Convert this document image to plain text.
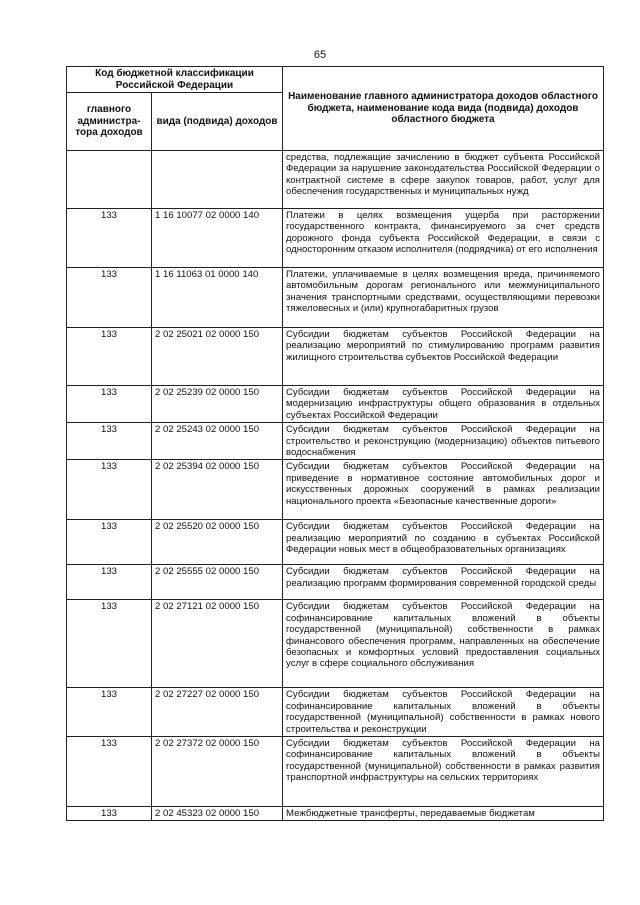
65
Код бюджетной классификации Российской Федерации		Наименование главного администратора доходов областного бюджета, наименование кода вида (подвида) доходов областного бюджета
главного администра-тора доходов	вида (подвида) доходов	
		средства, подлежащие зачислению в бюджет субъекта Российской Федерации за нарушение законодательства Российской Федерации о контрактной системе в сфере закупок товаров, работ, услуг для обеспечения государственных и муниципальных нужд
133	1 16 10077 02 0000 140	Платежи в целях возмещения ущерба при расторжении государственного контракта, финансируемого за счет средств дорожного фонда субъекта Российской Федерации, в связи с односторонним отказом исполнителя (подрядчика) от его исполнения
133	1 16 11063 01 0000 140	Платежи, уплачиваемые в целях возмещения вреда, причиняемого автомобильным дорогам регионального или межмуниципального значения транспортными средствами, осуществляющими перевозки тяжеловесных и (или) крупногабаритных грузов
133	2 02 25021 02 0000 150	Субсидии бюджетам субъектов Российской Федерации на реализацию мероприятий по стимулированию программ развития жилищного строительства субъектов Российской Федерации
133	2 02 25239 02 0000 150	Субсидии бюджетам субъектов Российской Федерации на модернизацию инфраструктуры общего образования в отдельных субъектах Российской Федерации
133	2 02 25243 02 0000 150	Субсидии бюджетам субъектов Российской Федерации на строительство и реконструкцию (модернизацию) объектов питьевого водоснабжения
133	2 02 25394 02 0000 150	Субсидии бюджетам субъектов Российской Федерации на приведение в нормативное состояние автомобильных дорог и искусственных дорожных сооружений в рамках реализации национального проекта «Безопасные качественные дороги»
133	2 02 25520 02 0000 150	Субсидии бюджетам субъектов Российской Федерации на реализацию мероприятий по созданию в субъектах Российской Федерации новых мест в общеобразовательных организациях
133	2 02 25555 02 0000 150	Субсидии бюджетам субъектов Российской Федерации на реализацию программ формирования современной городской среды
133	2 02 27121 02 0000 150	Субсидии бюджетам субъектов Российской Федерации на софинансирование капитальных вложений в объекты государственной (муниципальной) собственности в рамках финансового обеспечения программ, направленных на обеспечение безопасных и комфортных условий предоставления социальных услуг в сфере социального обслуживания
133	2 02 27227 02 0000 150	Субсидии бюджетам субъектов Российской Федерации на софинансирование капитальных вложений в объекты государственной (муниципальной) собственности в рамках нового строительства и реконструкции
133	2 02 27372 02 0000 150	Субсидии бюджетам субъектов Российской Федерации на софинансирование капитальных вложений в объекты государственной (муниципальной) собственности в рамках развития транспортной инфраструктуры на сельских территориях
133	2 02 45323 02 0000 150	Межбюджетные трансферты, передаваемые бюджетам
